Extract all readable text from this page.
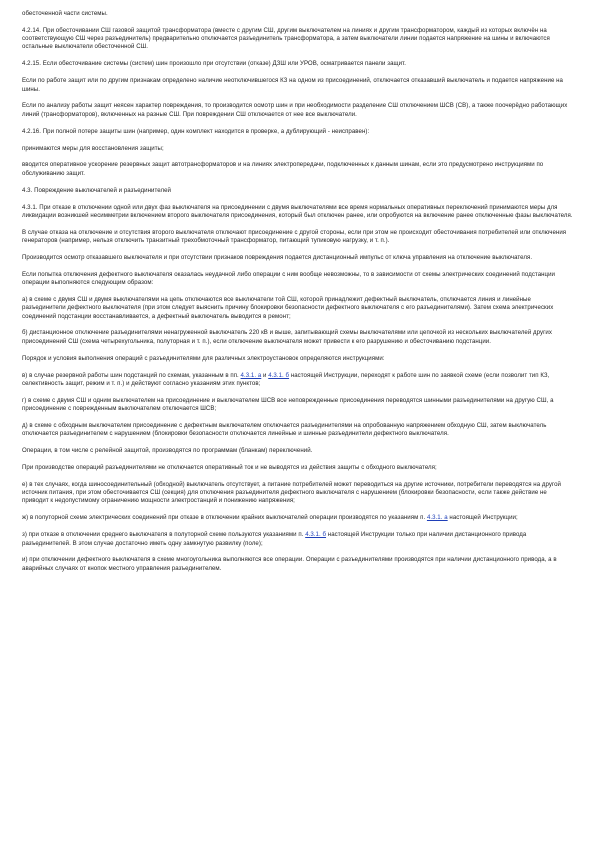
обесточенной части системы.

4.2.14. При обесточивании СШ газовой защитой трансформатора (вместе с другим СШ, другим выключателем на линиях и другим трансформатором, каждый из которых включён на соответствующую СШ через разъединитель) предварительно отключается разъединитель трансформатора, а затем выключатели линии подается напряжение на шины и включаются остальные выключатели обесточенной СШ.

4.2.15. Если обесточивание системы (систем) шин произошло при отсутствии (отказе) ДЗШ или УРОВ, осматривается панели защит.

Если по работе защит или по другим признакам определено наличие неотключившегося КЗ на одном из присоединений, отключается отказавший выключатель и подается напряжение на шины.

Если по анализу работы защит неясен характер повреждения, то производится осмотр шин и при необходимости разделение СШ отключением ШСВ (СВ), а также поочерёдно работающих линий (трансформаторов), включенных на разные СШ. При повреждении СШ отключается от нее все выключатели.

4.2.16. При полной потере защиты шин (например, один комплект находится в проверке, а дублирующий - неисправен):

принимаются меры для восстановления защиты;

вводится оперативное ускорение резервных защит автотрансформаторов и на линиях электропередачи, подключенных к данным шинам, если это предусмотрено инструкциями по обслуживанию защит.

4.3. Повреждение выключателей и разъединителей

4.3.1. При отказе в отключении одной или двух фаз выключателя на присоединении с двумя выключателями все время нормальных оперативных переключений принимаются меры для ликвидации возникшей несимметрии включением второго выключателя присоединения, который был отключен ранее, или опробуются на включение ранее отключенные фазы выключателя.

В случае отказа на отключение и отсутствия второго выключателя отключают присоединение с другой стороны, если при этом не происходит обесточивания потребителей или отключения генераторов (например, нельзя отключить транзитный трехобмоточный трансформатор, питающий тупиковую нагрузку, и т. п.).

Производится осмотр отказавшего выключателя и при отсутствии признаков повреждения подается дистанционный импульс от ключа управления на отключение выключателя.

Если попытка отключения дефектного выключателя оказалась неудачной либо операции с ним вообще невозможны, то в зависимости от схемы электрических соединений подстанции операции выполняются следующим образом:

а) в схеме с двумя СШ и двумя выключателями на цепь отключаются все выключатели той СШ, которой принадлежит дефектный выключатель, отключается линия и линейные разъединители дефектного выключателя (при этом следует выяснить причину блокировки безопасности дефектного выключателя с его разъединителями). Затем схема электрических соединений подстанции восстанавливается, а дефектный выключатель выводится в ремонт;

б) дистанционное отключение разъединителями ненагруженной выключатель 220 кВ и выше, запитывающий схемы выключателями или цепочкой из нескольких выключателей других присоединений СШ (схема четырехугольника, полуторная и т. п.), если отключение выключателя может привести к его разрушению и обесточиванию подстанции.

Порядок и условия выполнения операций с разъединителями для различных электроустановок определяются инструкциями:

в) в случае резервной работы шин подстанций по схемам, указанным в пп. 4.3.1. а и 4.3.1. б настоящей Инструкции, переходят к работе шин по заявкой схеме (если позволит тип КЗ, селективность защит, режим и т. п.) и действуют согласно указаниям этих пунктов;

г) в схеме с двумя СШ и одним выключателем на присоединение и выключателем ШСВ все неповрежденные присоединения переводятся шинными разъединителями на другую СШ, а присоединение с поврежденным выключателем отключается ШСВ;

д) в схеме с обходным выключателем присоединение с дефектным выключателем отключается разъединителями на опробованную напряжением обходную СШ, затем выключатель отключается разъединителем с нарушением (блокировки безопасности отключается линейные и шинные разъединители дефектного выключателя.

Операции, в том числе с релейной защитой, производятся по программам (бланкам) переключений.

При производстве операций разъединителями не отключается оперативный ток и не выводятся из действия защиты с обходного выключателя;

е) в тех случаях, когда шиносоединительный (обходной) выключатель отсутствует, а питание потребителей может переводиться на другие источники, потребители переводятся на другой источник питания, при этом обесточивается СШ (секция) для отключения разъединителя дефектного выключателя с нарушением (блокировки безопасности, если также действие не приводит к недопустимому ограничению мощности электростанций и понижению напряжения;

ж) в полуторной схеме электрических соединений при отказе в отключении крайних выключателей операции производятся по указаниям п. 4.3.1. а настоящей Инструкции;

з) при отказе в отключении среднего выключателя в полуторной схеме пользуются указаниями п. 4.3.1. б настоящей Инструкции только при наличии дистанционного привода разъединителей. В этом случае достаточно иметь одну замкнутую развилку (поле);

и) при отключении дефектного выключателя в схеме многоугольника выполняются все операции. Операции с разъединителями производятся при наличии дистанционного привода, а в аварийных случаях от кнопок местного управления разъединителем.
